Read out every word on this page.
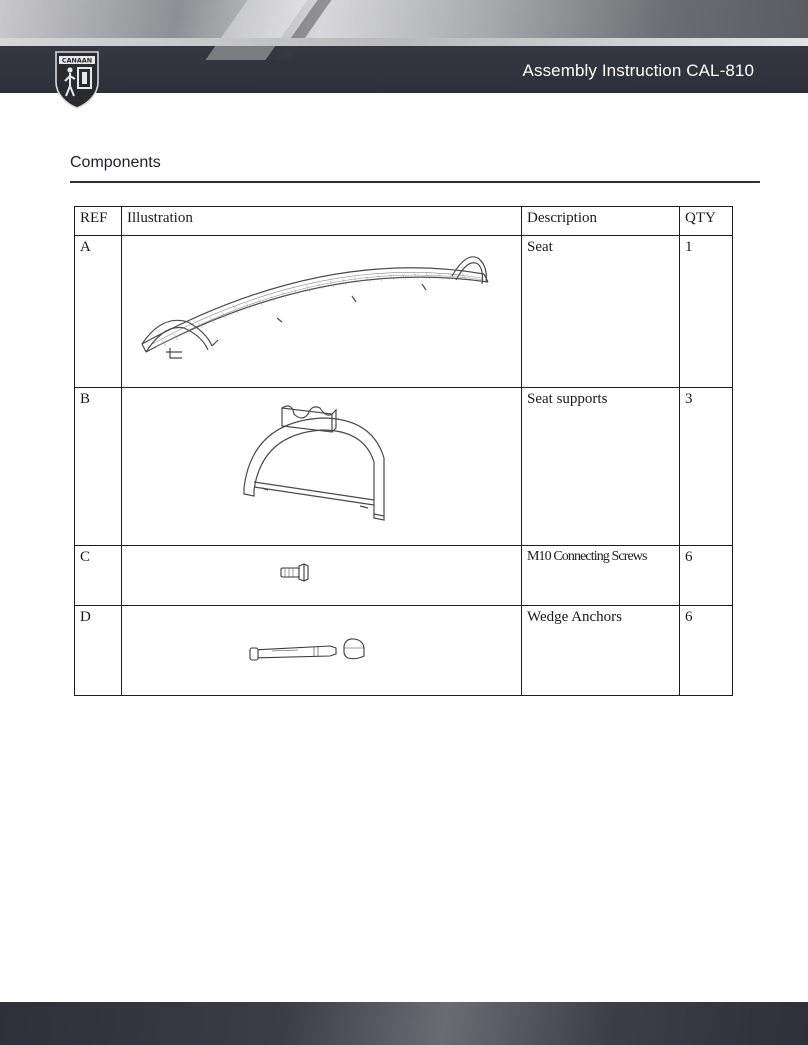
Assembly Instruction CAL-810
CANAAN
Components
REF	Illustration	Description	QTY
A		Seat	1
B		Seat supports	3
C		M10 Connecting Screws	6
D		Wedge Anchors	6
